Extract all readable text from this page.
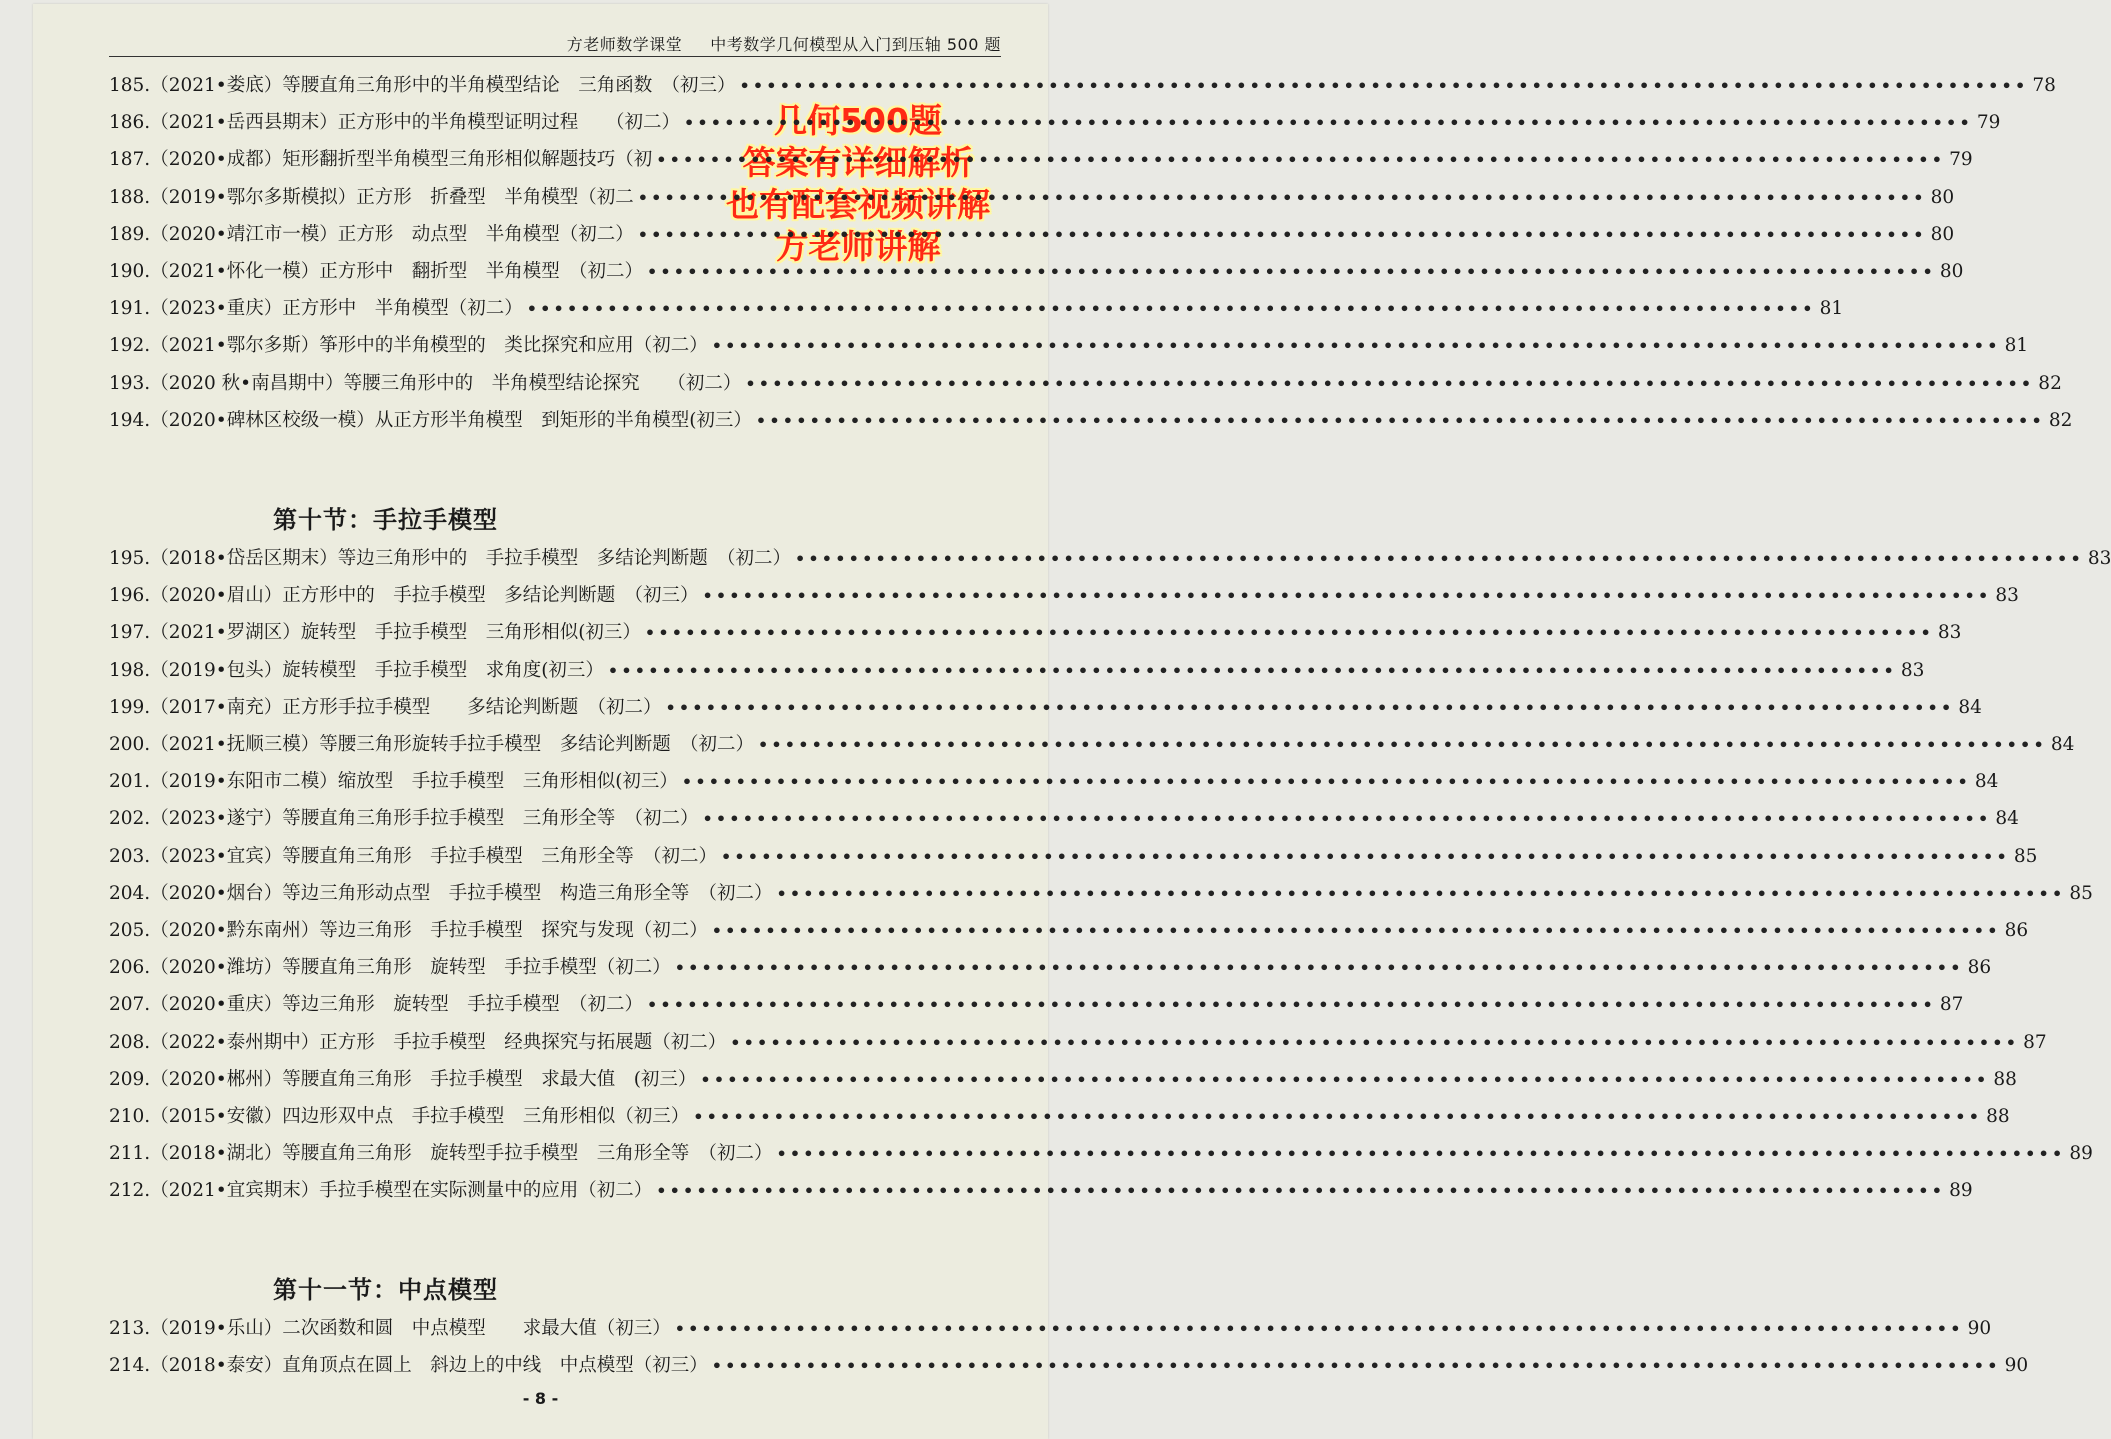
方老师数学课堂 中考数学几何模型从入门到压轴 500 题
第十节：手拉手模型
第十一节：中点模型
- 8 -
几何500题
答案有详细解析
也有配套视频讲解
方老师讲解
185. （2021•娄底）等腰直角三角形中的半角模型结论　三角函数　（初三） •••••	78
186. （2021•岳西县期末）正方形中的半角模型证明过程　　（初二） •••••	79
187. （2020•成都）矩形翻折型半角模型三角形相似解题技巧（初 •••••	79
188. （2019•鄂尔多斯模拟）正方形　折叠型　半角模型（初二 •••••	80
189. （2020•靖江市一模）正方形　动点型　半角模型（初二） •••••	80
190. （2021•怀化一模）正方形中　翻折型　半角模型　（初二） •••••	80
191. （2023•重庆）正方形中　半角模型（初二） •••••	81
192. （2021•鄂尔多斯）筝形中的半角模型的　类比探究和应用（初二） •••••	81
193. （2020 秋•南昌期中）等腰三角形中的　半角模型结论探究　　（初二） •••••	82
194. （2020•碑林区校级一模）从正方形半角模型　到矩形的半角模型(初三） •••••	82
195. （2018•岱岳区期末）等边三角形中的　手拉手模型　多结论判断题　（初二） •••••	83
196. （2020•眉山）正方形中的　手拉手模型　多结论判断题　（初三） •••••	83
197. （2021•罗湖区）旋转型　手拉手模型　三角形相似(初三） •••••	83
198. （2019•包头）旋转模型　手拉手模型　求角度(初三） •••••	83
199. （2017•南充）正方形手拉手模型　　多结论判断题　（初二） •••••	84
200. （2021•抚顺三模）等腰三角形旋转手拉手模型　多结论判断题　（初二） •••••	84
201. （2019•东阳市二模）缩放型　手拉手模型　三角形相似(初三） •••••	84
202. （2023•遂宁）等腰直角三角形手拉手模型　三角形全等　（初二） •••••	84
203. （2023•宜宾）等腰直角三角形　手拉手模型　三角形全等　（初二） •••••	85
204. （2020•烟台）等边三角形动点型　手拉手模型　构造三角形全等　（初二） •••••	85
205. （2020•黔东南州）等边三角形　手拉手模型　探究与发现（初二） •••••	86
206. （2020•潍坊）等腰直角三角形　旋转型　手拉手模型（初二） •••••	86
207. （2020•重庆）等边三角形　旋转型　手拉手模型　（初二） •••••	87
208. （2022•泰州期中）正方形　手拉手模型　经典探究与拓展题（初二） •••••	87
209. （2020•郴州）等腰直角三角形　手拉手模型　求最大值　(初三） •••••	88
210. （2015•安徽）四边形双中点　手拉手模型　三角形相似（初三） •••••	88
211. （2018•湖北）等腰直角三角形　旋转型手拉手模型　三角形全等　（初二） •••••	89
212. （2021•宜宾期末）手拉手模型在实际测量中的应用（初二） •••••	89
213. （2019•乐山）二次函数和圆　中点模型　　求最大值（初三） •••••	90
214. （2018•泰安）直角顶点在圆上　斜边上的中线　中点模型（初三） •••••	90
